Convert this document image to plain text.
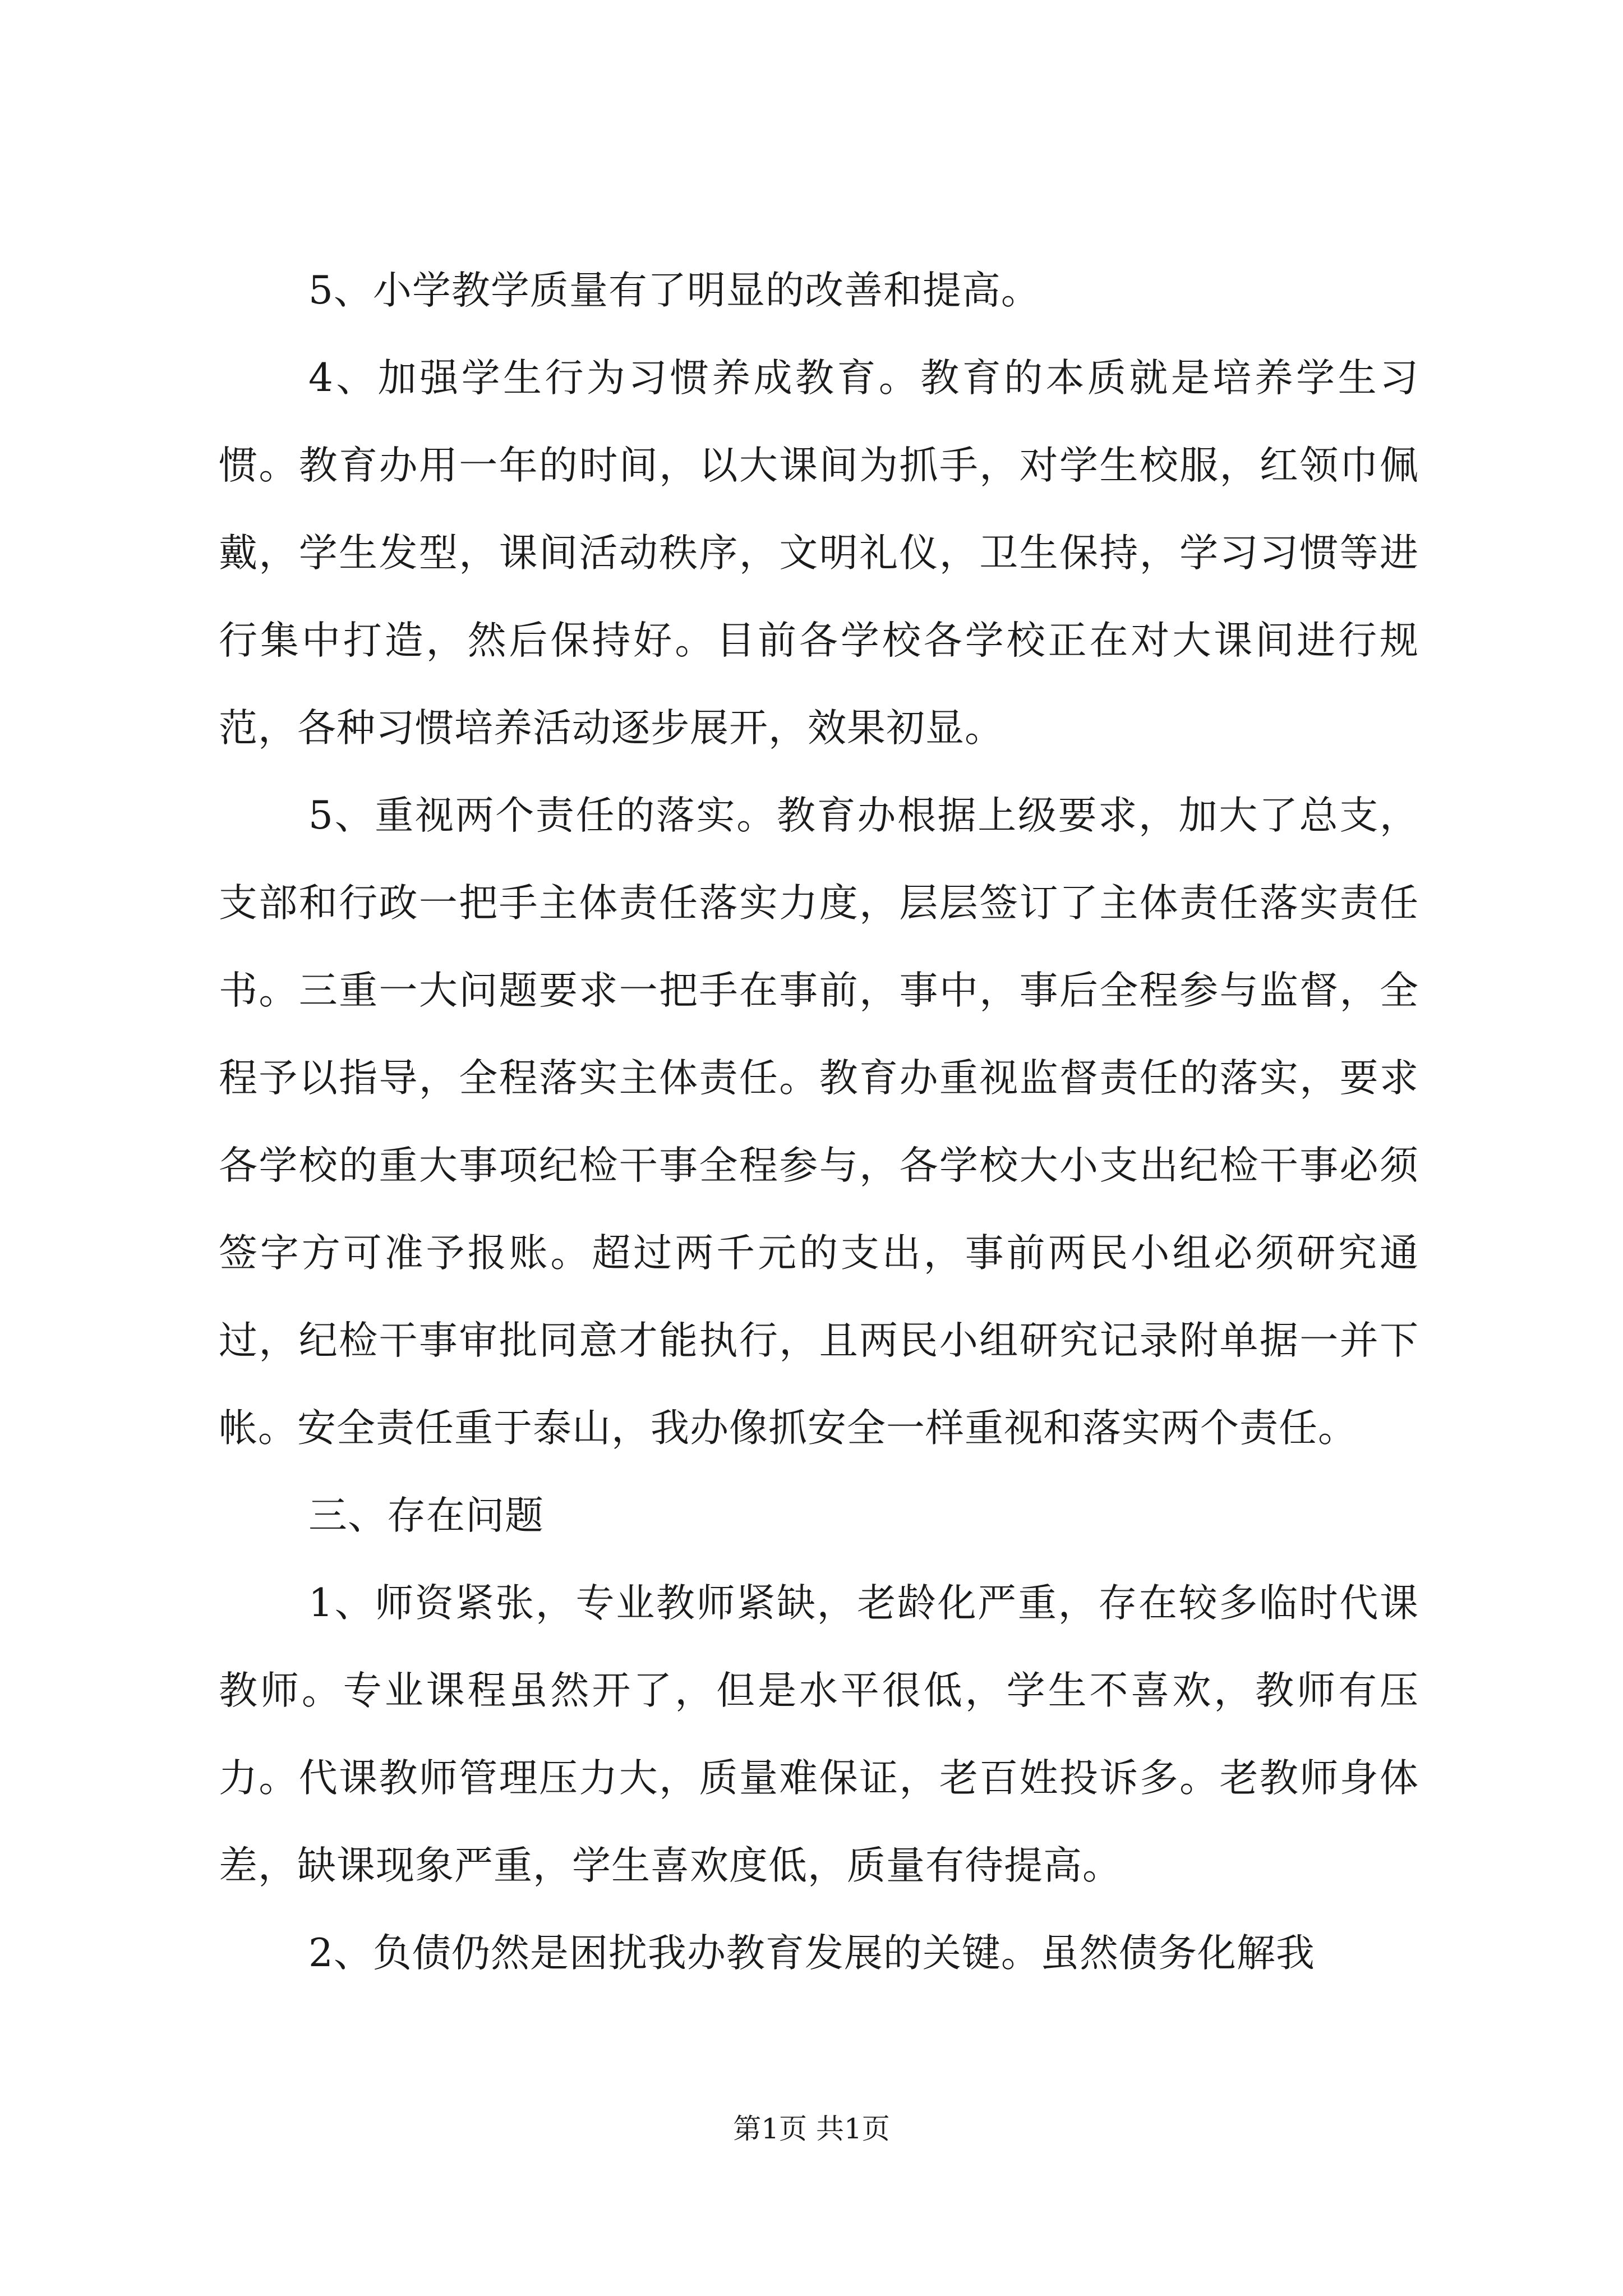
5、小学教学质量有了明显的改善和提高。

4、加强学生行为习惯养成教育。教育的本质就是培养学生习惯。教育办用一年的时间，以大课间为抓手，对学生校服，红领巾佩戴，学生发型，课间活动秩序，文明礼仪，卫生保持，学习习惯等进行集中打造，然后保持好。目前各学校各学校正在对大课间进行规范，各种习惯培养活动逐步展开，效果初显。

5、重视两个责任的落实。教育办根据上级要求，加大了总支，支部和行政一把手主体责任落实力度，层层签订了主体责任落实责任书。三重一大问题要求一把手在事前，事中，事后全程参与监督，全程予以指导，全程落实主体责任。教育办重视监督责任的落实，要求各学校的重大事项纪检干事全程参与，各学校大小支出纪检干事必须签字方可准予报账。超过两千元的支出，事前两民小组必须研究通过，纪检干事审批同意才能执行，且两民小组研究记录附单据一并下帐。安全责任重于泰山，我办像抓安全一样重视和落实两个责任。

三、存在问题

1、师资紧张，专业教师紧缺，老龄化严重，存在较多临时代课教师。专业课程虽然开了，但是水平很低，学生不喜欢，教师有压力。代课教师管理压力大，质量难保证，老百姓投诉多。老教师身体差，缺课现象严重，学生喜欢度低，质量有待提高。

2、负债仍然是困扰我办教育发展的关键。虽然债务化解我

第1页 共1页
